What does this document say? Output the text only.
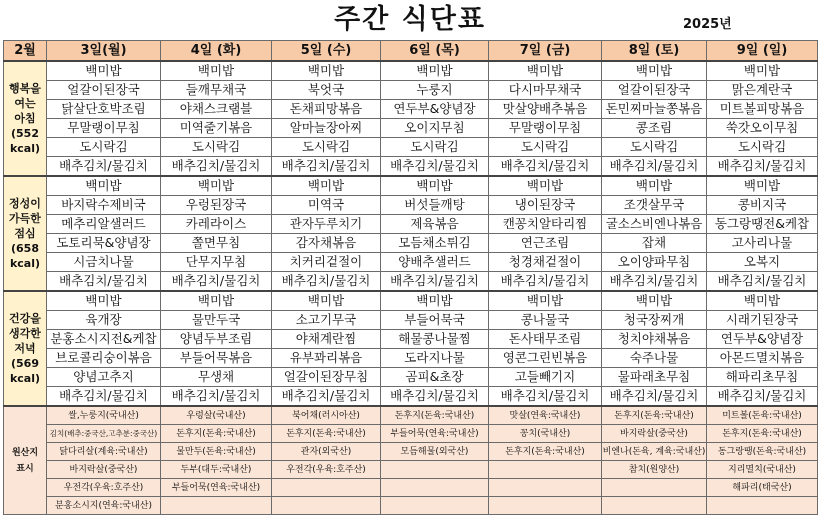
주간 식단표	2025년
2월	3일(월)	4일 (화)	5일 (수)	6일 (목)	7일 (금)	8일 (토)	9일 (일)

행복을
여는
아침
(552
kcal)	백미밥	백미밥	백미밥	백미밥	백미밥	백미밥	백미밥
	얼갈이된장국	들깨무채국	북엇국	누룽지	다시마무채국	얼갈이된장국	맑은계란국
	닭살단호박조림	야채스크램블	돈채피망볶음	연두부&양념장	맛살양배추볶음	돈민찌마늘쫑볶음	미트볼피망볶음
	무말랭이무침	미역줄기볶음	알마늘장아찌	오이지무침	무말랭이무침	콩조림	쑥갓오이무침
	도시락김	도시락김	도시락김	도시락김	도시락김	도시락김	도시락김
	배추김치/물김치	배추김치/물김치	배추김치/물김치	배추김치/물김치	배추김치/물김치	배추김치/물김치	배추김치/물김치

정성이
가득한
점심
(658
kcal)	백미밥	백미밥	백미밥	백미밥	백미밥	백미밥	백미밥
	바지락수제비국	우렁된장국	미역국	버섯들깨탕	냉이된장국	조갯살무국	콩비지국
	메추리알샐러드	카레라이스	관자두루치기	제육볶음	캔꽁치알타리찜	굴소스비엔나볶음	동그랑땡전&케찹
	도토리묵&양념장	쫄면무침	감자채볶음	모듬채소튀김	연근조림	잡채	고사리나물
	시금치나물	단무지무침	치커리겉절이	양배추샐러드	청경채겉절이	오이양파무침	오복지
	배추김치/물김치	배추김치/물김치	배추김치/물김치	배추김치/물김치	배추김치/물김치	배추김치/물김치	배추김치/물김치

건강을
생각한
저녁
(569
kcal)	백미밥	백미밥	백미밥	백미밥	백미밥	백미밥	백미밥
	육개장	물만두국	소고기무국	부들어묵국	콩나물국	청국장찌개	시래기된장국
	분홍소시지전&케찹	양념두부조림	야채계란찜	해물콩나물찜	돈사태무조림	청치야채볶음	연두부&양념장
	브로콜리숭이볶음	부들어묵볶음	유부꽈리볶음	도라지나물	영콘그린빈볶음	숙주나물	아몬드멸치볶음
	양념고추지	무생채	얼갈이된장무침	곰피&초장	고들빼기지	물파래초무침	해파리초무침
	배추김치/물김치	배추김치/물김치	배추김치/물김치	배추김치/물김치	배추김치/물김치	배추김치/물김치	배추김치/물김치

원산지
표시	쌀,누룽지(국내산)	우렁살(국내산)	북어채(러시아산)	돈후지(돈육:국내산)	맛살(연육:국내산)	돈후지(돈육:국내산)	미트볼(돈육:국내산)
	김치(배추:중국산,고추분:중국산)	돈후지(돈육:국내산)	돈후지(돈육:국내산)	부들어묵(연육:국내산)	꽁치(국내산)	바지락살(중국산)	돈후지(돈육:국내산)
	닭다리살(계육:국내산)	물만두(돈육:국내산)	관자(외국산)	모듬해물(외국산)	돈후지(돈육:국내산)	비엔나(돈육, 계육:국내산)	동그랑땡(돈육:국내산)
	바지락살(중국산)	두부(대두:국내산)	우전각(우육:호주산)			참치(원양산)	지리멸치(국내산)
	우전각(우육:호주산)	부들어묵(연육:국내산)					해파리(태국산)
	분홍소시지(연육:국내산)						
